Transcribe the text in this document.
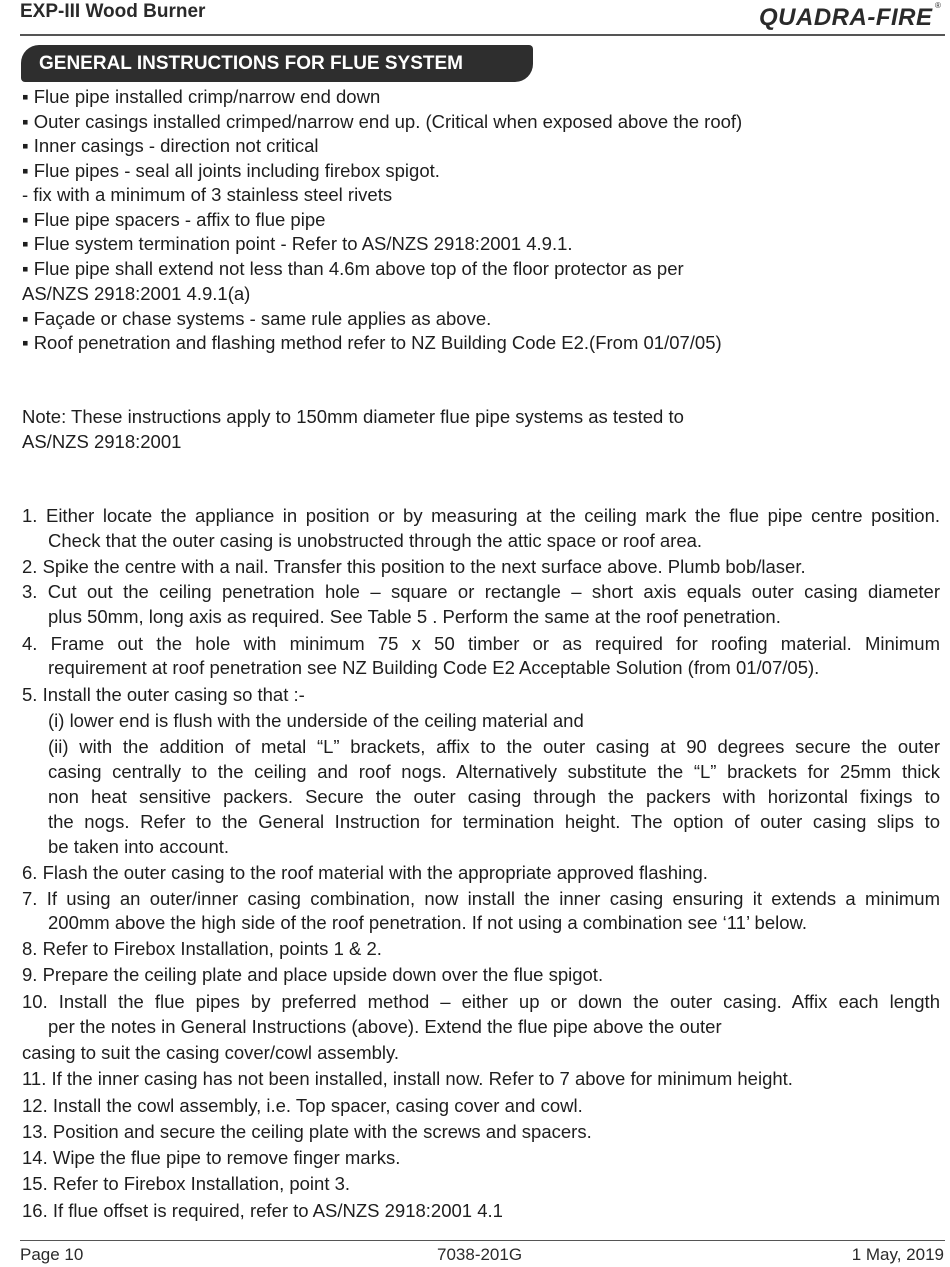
EXP-III Wood Burner	QUADRA-FIRE ®
GENERAL INSTRUCTIONS FOR FLUE SYSTEM
▪ Flue pipe installed crimp/narrow end down
▪ Outer casings installed crimped/narrow end up. (Critical when exposed above the roof)
▪ Inner casings - direction not critical
▪ Flue pipes - seal all joints including firebox spigot.
- fix with a minimum of 3 stainless steel rivets
▪ Flue pipe spacers - affix to flue pipe
▪ Flue system termination point - Refer to AS/NZS 2918:2001 4.9.1.
▪ Flue pipe shall extend not less than 4.6m above top of the floor protector as per
AS/NZS 2918:2001 4.9.1(a)
▪ Façade or chase systems - same rule applies as above.
▪ Roof penetration and flashing method refer to NZ Building Code E2.(From 01/07/05)
Note: These instructions apply to 150mm diameter flue pipe systems as tested to
AS/NZS 2918:2001
1. Either locate the appliance in position or by measuring at the ceiling mark the flue pipe centre position.
Check that the outer casing is unobstructed through the attic space or roof area.
2. Spike the centre with a nail. Transfer this position to the next surface above. Plumb bob/laser.
3. Cut out the ceiling penetration hole – square or rectangle – short axis equals outer casing diameter
plus 50mm, long axis as required. See Table 5 . Perform the same at the roof penetration.
4. Frame out the hole with minimum 75 x 50 timber or as required for roofing material. Minimum
requirement at roof penetration see NZ Building Code E2 Acceptable Solution (from 01/07/05).
5. Install the outer casing so that :-
(i) lower end is flush with the underside of the ceiling material and
(ii) with the addition of metal “L” brackets, affix to the outer casing at 90 degrees secure the outer
casing centrally to the ceiling and roof nogs. Alternatively substitute the “L” brackets for 25mm thick
non heat sensitive packers. Secure the outer casing through the packers with horizontal fixings to
the nogs. Refer to the General Instruction for termination height. The option of outer casing slips to
be taken into account.
6. Flash the outer casing to the roof material with the appropriate approved flashing.
7. If using an outer/inner casing combination, now install the inner casing ensuring it extends a minimum
200mm above the high side of the roof penetration. If not using a combination see ‘11’ below.
8. Refer to Firebox Installation, points 1 & 2.
9. Prepare the ceiling plate and place upside down over the flue spigot.
10. Install the flue pipes by preferred method – either up or down the outer casing. Affix each length
per the notes in General Instructions (above). Extend the flue pipe above the outer
casing to suit the casing cover/cowl assembly.
11. If the inner casing has not been installed, install now. Refer to 7 above for minimum height.
12. Install the cowl assembly, i.e. Top spacer, casing cover and cowl.
13. Position and secure the ceiling plate with the screws and spacers.
14. Wipe the flue pipe to remove finger marks.
15. Refer to Firebox Installation, point 3.
16. If flue offset is required, refer to AS/NZS 2918:2001 4.1
Page 10	7038-201G	1 May, 2019
